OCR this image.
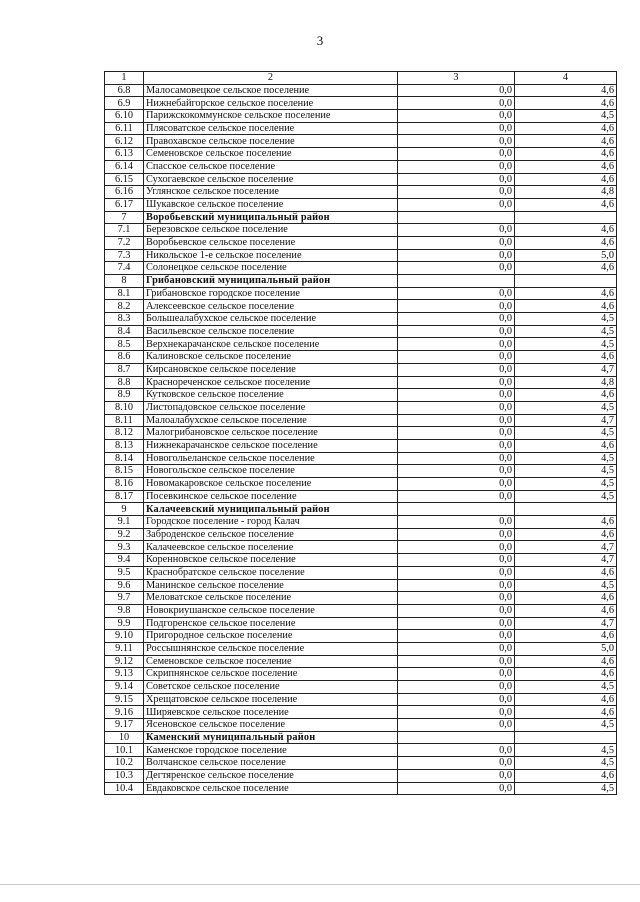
3
1	2	3	4
6.8	Малосамовецкое сельское поселение	0,0	4,6
6.9	Нижнебайгорское сельское поселение	0,0	4,6
6.10	Парижскокоммунское сельское поселение	0,0	4,5
6.11	Плясоватское сельское поселение	0,0	4,6
6.12	Правохавское сельское поселение	0,0	4,6
6.13	Семеновское сельское поселение	0,0	4,6
6.14	Спасское сельское поселение	0,0	4,6
6.15	Сухогаевское сельское поселение	0,0	4,6
6.16	Углянское сельское поселение	0,0	4,8
6.17	Шукавское сельское поселение	0,0	4,6
7	Воробьевский муниципальный район		
7.1	Березовское сельское поселение	0,0	4,6
7.2	Воробьевское сельское поселение	0,0	4,6
7.3	Никольское 1-е сельское поселение	0,0	5,0
7.4	Солонецкое сельское поселение	0,0	4,6
8	Грибановский муниципальный район		
8.1	Грибановское городское поселение	0,0	4,6
8.2	Алексеевское сельское поселение	0,0	4,6
8.3	Большеалабухское сельское поселение	0,0	4,5
8.4	Васильевское сельское поселение	0,0	4,5
8.5	Верхнекарачанское сельское поселение	0,0	4,5
8.6	Калиновское сельское поселение	0,0	4,6
8.7	Кирсановское сельское поселение	0,0	4,7
8.8	Краснореченское сельское поселение	0,0	4,8
8.9	Кутковское сельское поселение	0,0	4,6
8.10	Листопадовское сельское поселение	0,0	4,5
8.11	Малоалабухское сельское поселение	0,0	4,7
8.12	Малогрибановское сельское поселение	0,0	4,5
8.13	Нижнекарачанское сельское поселение	0,0	4,6
8.14	Новогольеланское сельское поселение	0,0	4,5
8.15	Новогольское сельское поселение	0,0	4,5
8.16	Новомакаровское сельское поселение	0,0	4,5
8.17	Посевкинское сельское поселение	0,0	4,5
9	Калачеевский муниципальный район		
9.1	Городское поселение - город Калач	0,0	4,6
9.2	Заброденское сельское поселение	0,0	4,6
9.3	Калачеевское сельское поселение	0,0	4,7
9.4	Коренновское сельское поселение	0,0	4,7
9.5	Краснобратское сельское поселение	0,0	4,6
9.6	Манинское сельское поселение	0,0	4,5
9.7	Меловатское сельское поселение	0,0	4,6
9.8	Новокриушанское сельское поселение	0,0	4,6
9.9	Подгоренское сельское поселение	0,0	4,7
9.10	Пригородное сельское поселение	0,0	4,6
9.11	Россышнянское сельское поселение	0,0	5,0
9.12	Семеновское сельское поселение	0,0	4,6
9.13	Скрипнянское сельское поселение	0,0	4,6
9.14	Советское сельское поселение	0,0	4,5
9.15	Хрещатовское сельское поселение	0,0	4,6
9.16	Ширяевское сельское поселение	0,0	4,6
9.17	Ясеновское сельское поселение	0,0	4,5
10	Каменский муниципальный район		
10.1	Каменское городское поселение	0,0	4,5
10.2	Волчанское сельское поселение	0,0	4,5
10.3	Дегтяренское сельское поселение	0,0	4,6
10.4	Евдаковское сельское поселение	0,0	4,5
